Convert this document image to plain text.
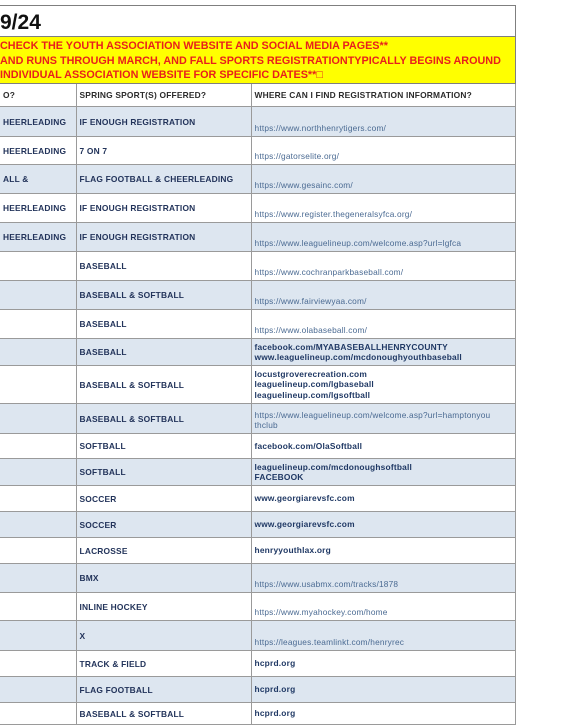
9/24
CHECK THE YOUTH ASSOCIATION WEBSITE AND SOCIAL MEDIA PAGES**
AND RUNS THROUGH MARCH, AND FALL SPORTS REGISTRATIONTYPICALLY BEGINS AROUND
INDIVIDUAL ASSOCIATION WEBSITE FOR SPECIFIC DATES**□
O?	SPRING SPORT(S) OFFERED?	WHERE CAN I FIND REGISTRATION INFORMATION?
HEERLEADING	IF ENOUGH REGISTRATION	https://www.northhenrytigers.com/

HEERLEADING	7 ON 7	https://gatorselite.org/

ALL &	FLAG FOOTBALL & CHEERLEADING	https://www.gesainc.com/

HEERLEADING	IF ENOUGH REGISTRATION	https://www.register.thegeneralsyfca.org/

HEERLEADING	IF ENOUGH REGISTRATION	https://www.leaguelineup.com/welcome.asp?url=lgfca

	BASEBALL	https://www.cochranparkbaseball.com/

	BASEBALL & SOFTBALL	https://www.fairviewyaa.com/

	BASEBALL	https://www.olabaseball.com/

	BASEBALL	facebook.com/MYABASEBALLHENRYCOUNTY
www.leaguelineup.com/mcdonoughyouthbaseball

	BASEBALL & SOFTBALL	locustgroverecreation.com
leaguelineup.com/lgbaseball
leaguelineup.com/lgsoftball

	BASEBALL & SOFTBALL	https://www.leaguelineup.com/welcome.asp?url=hamptonyou
thclub

	SOFTBALL	facebook.com/OlaSoftball

	SOFTBALL	leaguelineup.com/mcdonoughsoftball
FACEBOOK

	SOCCER	www.georgiarevsfc.com

	SOCCER	www.georgiarevsfc.com

	LACROSSE	henryyouthlax.org

	BMX	https://www.usabmx.com/tracks/1878

	INLINE HOCKEY	https://www.myahockey.com/home

	X	https://leagues.teamlinkt.com/henryrec

	TRACK & FIELD	hcprd.org

	FLAG FOOTBALL	hcprd.org

	BASEBALL & SOFTBALL	hcprd.org
